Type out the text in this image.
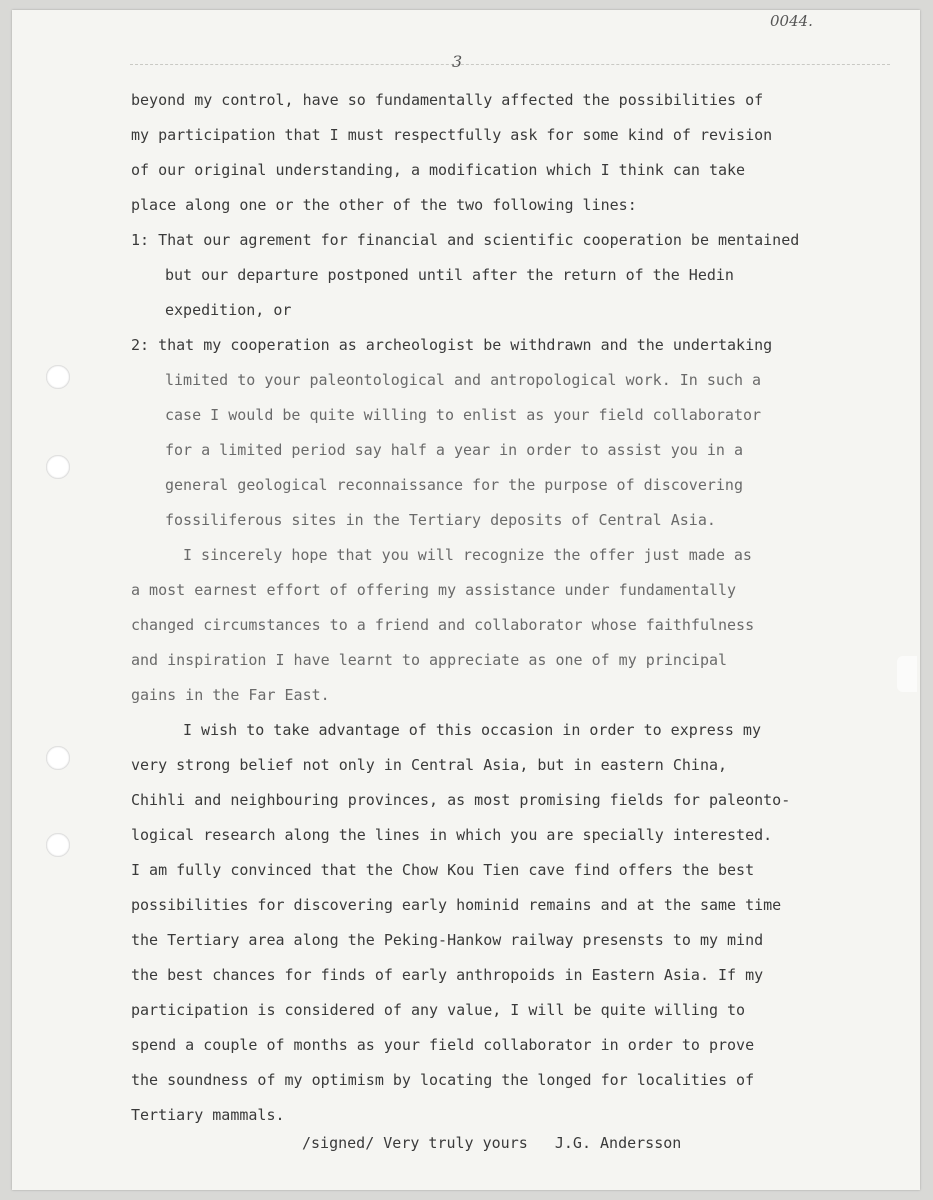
0044.
3
beyond my control, have so fundamentally affected the possibilities of
my participation that I must respectfully ask for some kind of revision
of our original understanding, a modification which I think can take
place along one or the other of the two following lines:
1: That our agrement for financial and scientific cooperation be mentained
but our departure postponed until after the return of the Hedin
expedition, or
2: that my cooperation as archeologist be withdrawn and the undertaking
limited to your paleontological and antropological work. In such a
case I would be quite willing to enlist as your field collaborator
for a limited period say half a year in order to assist you in a
general geological reconnaissance for the purpose of discovering
fossiliferous sites in the Tertiary deposits of Central Asia.
I sincerely hope that you will recognize the offer just made as
a most earnest effort of offering my assistance under fundamentally
changed circumstances to a friend and collaborator whose faithfulness
and inspiration I have learnt to appreciate as one of my principal
gains in the Far East.
I wish to take advantage of this occasion in order to express my
very strong belief not only in Central Asia, but in eastern China,
Chihli and neighbouring provinces, as most promising fields for paleonto-
logical research along the lines in which you are specially interested.
I am fully convinced that the Chow Kou Tien cave find offers the best
possibilities for discovering early hominid remains and at the same time
the Tertiary area along the Peking-Hankow railway presensts to my mind
the best chances for finds of early anthropoids in Eastern Asia. If my
participation is considered of any value, I will be quite willing to
spend a couple of months as your field collaborator in order to prove
the soundness of my optimism by locating the longed for localities of
Tertiary mammals.
/signed/ Very truly yours   J.G. Andersson
